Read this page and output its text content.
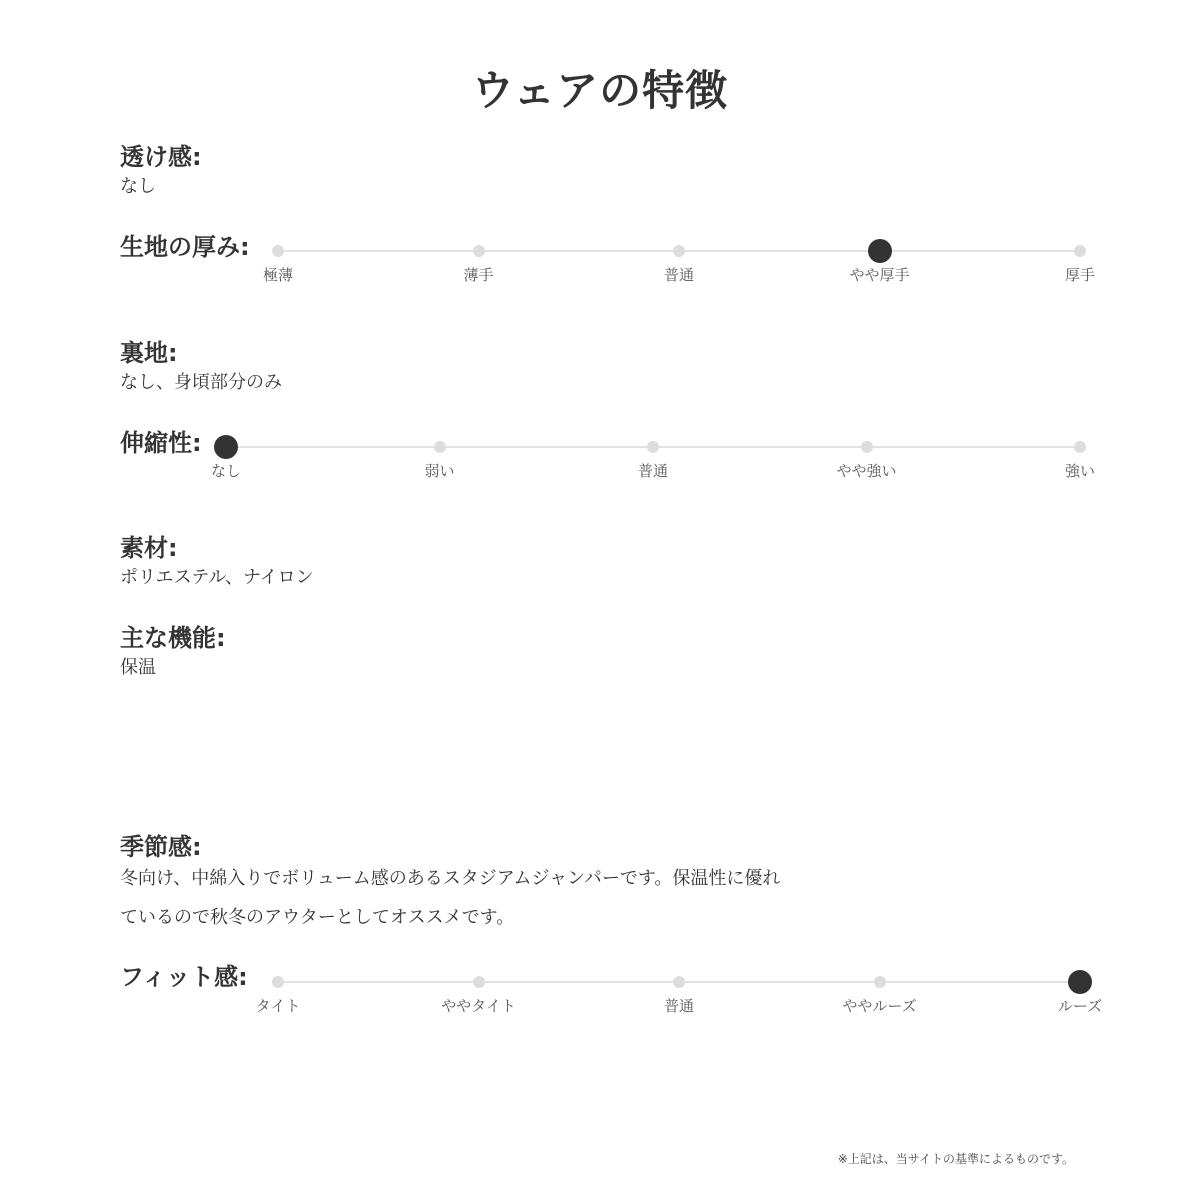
ウェアの特徴
透け感:
なし
生地の厚み:
極薄	薄手	普通	やや厚手	厚手
裏地:
なし、身頃部分のみ
伸縮性:
なし	弱い	普通	やや強い	強い
素材:
ポリエステル、ナイロン
主な機能:
保温
季節感:
冬向け、中綿入りでボリューム感のあるスタジアムジャンパーです。保温性に優れ
ているので秋冬のアウターとしてオススメです。
フィット感:
タイト	ややタイト	普通	ややルーズ	ルーズ
※上記は、当サイトの基準によるものです。
